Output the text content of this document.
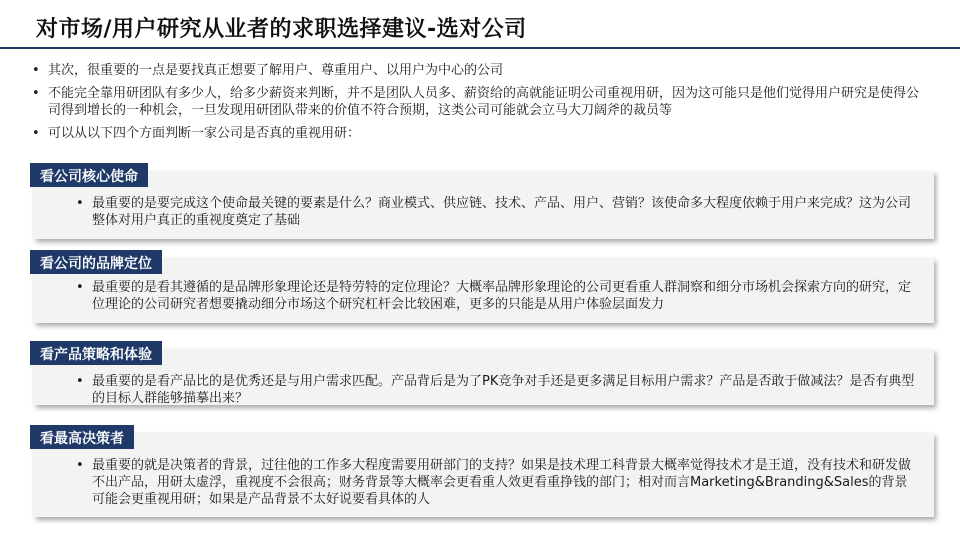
对市场/用户研究从业者的求职选择建议-选对公司
• 其次，很重要的一点是要找真正想要了解用户、尊重用户、以用户为中心的公司
• 不能完全靠用研团队有多少人，给多少薪资来判断，并不是团队人员多、薪资给的高就能证明公司重视用研，因为这可能只是他们觉得用户研究是使得公司得到增长的一种机会，一旦发现用研团队带来的价值不符合预期，这类公司可能就会立马大刀阔斧的裁员等
• 可以从以下四个方面判断一家公司是否真的重视用研：
• 最重要的是要完成这个使命最关键的要素是什么？商业模式、供应链、技术、产品、用户、营销？该使命多大程度依赖于用户来完成？这为公司整体对用户真正的重视度奠定了基础
看公司核心使命
• 最重要的是看其遵循的是品牌形象理论还是特劳特的定位理论？大概率品牌形象理论的公司更看重人群洞察和细分市场机会探索方向的研究，定位理论的公司研究者想要撬动细分市场这个研究杠杆会比较困难，更多的只能是从用户体验层面发力
看公司的品牌定位
• 最重要的是看产品比的是优秀还是与用户需求匹配。产品背后是为了PK竞争对手还是更多满足目标用户需求？产品是否敢于做减法？是否有典型的目标人群能够描摹出来？
看产品策略和体验
• 最重要的就是决策者的背景，过往他的工作多大程度需要用研部门的支持？如果是技术理工科背景大概率觉得技术才是王道，没有技术和研发做不出产品，用研太虚浮，重视度不会很高；财务背景等大概率会更看重人效更看重挣钱的部门；相对而言Marketing&Branding&Sales的背景可能会更重视用研；如果是产品背景不太好说要看具体的人
看最高决策者
